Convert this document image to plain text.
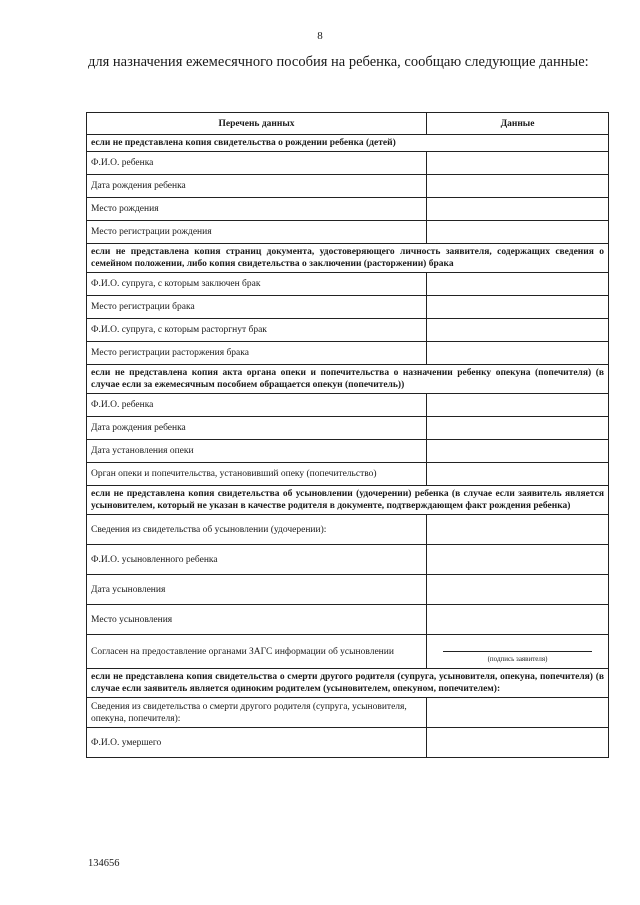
8
для назначения ежемесячного пособия на ребенка, сообщаю следующие данные:
Перечень данных	Данные
если не представлена копия свидетельства о рождении ребенка (детей)	
Ф.И.О. ребенка	
Дата рождения ребенка	
Место рождения	
Место регистрации рождения	
если не представлена копия страниц документа, удостоверяющего личность заявителя, содержащих сведения о семейном положении, либо копия свидетельства о заключении (расторжении) брака	
Ф.И.О. супруга, с которым заключен брак	
Место регистрации брака	
Ф.И.О. супруга, с которым расторгнут брак	
Место регистрации расторжения брака	
если не представлена копия акта органа опеки и попечительства о назначении ребенку опекуна (попечителя) (в случае если за ежемесячным пособием обращается опекун (попечитель))	
Ф.И.О. ребенка	
Дата рождения ребенка	
Дата установления опеки	
Орган опеки и попечительства, установивший опеку (попечительство)	
если не представлена копия свидетельства об усыновлении (удочерении) ребенка (в случае если заявитель является усыновителем, который не указан в качестве родителя в документе, подтверждающем факт рождения ребенка)	
Сведения из свидетельства об усыновлении (удочерении):	
Ф.И.О. усыновленного ребенка	
Дата усыновления	
Место усыновления	
Согласен на предоставление органами ЗАГС информации об усыновлении	(подпись заявителя)

если не представлена копия свидетельства о смерти другого родителя (супруга, усыновителя, опекуна, попечителя) (в случае если заявитель является одиноким родителем (усыновителем, опекуном, попечителем):	
Сведения из свидетельства о смерти другого родителя (супруга, усыновителя, опекуна, попечителя):	
Ф.И.О. умершего	
134656
